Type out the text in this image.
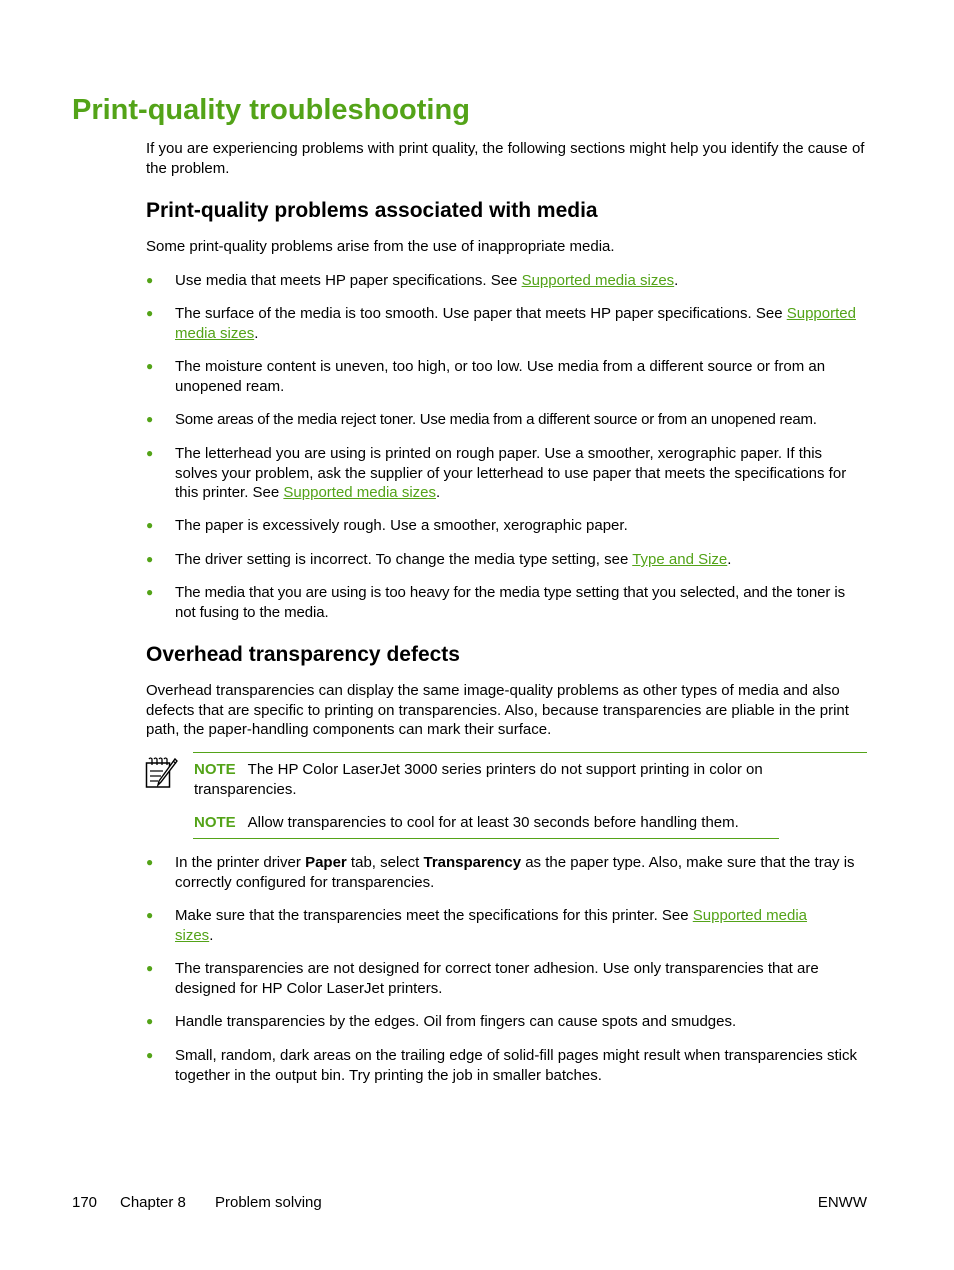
Print-quality troubleshooting
If you are experiencing problems with print quality, the following sections might help you identify the cause of the problem.
Print-quality problems associated with media
Some print-quality problems arise from the use of inappropriate media.
● Use media that meets HP paper specifications. See Supported media sizes.
● The surface of the media is too smooth. Use paper that meets HP paper specifications. See Supported media sizes.
● The moisture content is uneven, too high, or too low. Use media from a different source or from an unopened ream.
● Some areas of the media reject toner. Use media from a different source or from an unopened ream.
● The letterhead you are using is printed on rough paper. Use a smoother, xerographic paper. If this solves your problem, ask the supplier of your letterhead to use paper that meets the specifications for this printer. See Supported media sizes.
● The paper is excessively rough. Use a smoother, xerographic paper.
● The driver setting is incorrect. To change the media type setting, see Type and Size.
● The media that you are using is too heavy for the media type setting that you selected, and the toner is not fusing to the media.
Overhead transparency defects
Overhead transparencies can display the same image-quality problems as other types of media and also defects that are specific to printing on transparencies. Also, because transparencies are pliable in the print path, the paper-handling components can mark their surface.
NOTE The HP Color LaserJet 3000 series printers do not support printing in color on transparencies.
NOTE Allow transparencies to cool for at least 30 seconds before handling them.
● In the printer driver Paper tab, select Transparency as the paper type. Also, make sure that the tray is correctly configured for transparencies.
● Make sure that the transparencies meet the specifications for this printer. See Supported media
sizes.
● The transparencies are not designed for correct toner adhesion. Use only transparencies that are designed for HP Color LaserJet printers.
● Handle transparencies by the edges. Oil from fingers can cause spots and smudges.
● Small, random, dark areas on the trailing edge of solid-fill pages might result when transparencies stick together in the output bin. Try printing the job in smaller batches.
170 Chapter 8 Problem solving	ENWW
